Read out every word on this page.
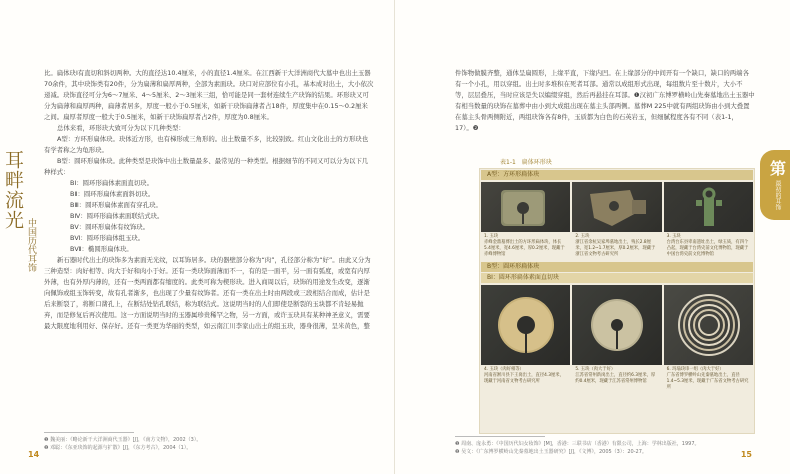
耳畔流光
中国历代耳饰

比。扁体玦Ⅰ有直切和斜切两种。大的直径达10.4厘米，小的直径1.4厘米。在江西新干大洋洲商代大墓中也出土玉器70余件，其中玦饰类有20件，分为扁薄和扁厚两种，全部为素面玦。玦口对应部位有小孔，基本成对出土，大小依次递减。玦饰直径可分为6～7厘米、4～5厘米、2～3厘米三组，恰可能是同一套材连续生产玦饰的结果。环形玦又可分为扁薄和扁厚两种，扁薄者居多，厚度一般小于0.5厘米，如新干玦饰扁薄者占18件，厚度集中在0.15～0.2厘米之间。扁厚者厚度一般大于0.5厘米，如新干玦饰扁厚者占2件，厚度为0.8厘米。

总体来看，环形玦大致可分为以下几种类型：

A型：方环形扁体玦。玦体近方形，也有梯形或三角形的。出土数量不多，比较别致。红山文化出土的方形玦也有学者称之为龟形玦。

B型：圆环形扁体玦。此种类型是玦饰中出土数量最多、最常见的一种类型。根据细节的不同又可以分为以下几种样式：

BⅠ：圆环形扁体素面直切玦。

BⅡ：圆环形扁体素面斜切玦。

BⅢ：圆环形扁体素面有穿孔玦。

BⅣ：圆环形扁体素面联结式玦。

BⅤ：圆环形扁体有纹饰玦。

BⅥ：圆环形扁体组玉玦。

BⅦ：椭圆形扁体玦。

新石器时代出土的玦饰多为素面无光纹，以耳饰居多。玦的器壁部分称为“肉”，孔径部分称为“好”。由此又分为三种造型：肉好相等、肉大于好和肉小于好。还有一类玦饰面薄而不一，有的是一面平，另一面有弧度，或宽有内厚外薄，也有外厚内薄的，还有一类两面都有缩度的。此类可称为楔形玦。进入商周以后，玦饰的用途发生改变，逐渐向佩饰或组玉饰转变，故有孔者渐多，也出现了少量有纹饰者。还有一类在出土时由两段或三段相结合而成，估计是后来断裂了，将断口凿孔上，在断结处钻孔联结，称为联结式。这说明当时的人们即使是断裂的玉块都不肯轻易抛弃，而是修复后再次使用。这一方面说明当时的玉器属珍贵稀罕之物，另一方面，或许玉玦具有某种神圣意义，需要最大限度地利用好、保存好。还有一类更为华丽的类型，如云南江川李家山出土的组玉玦，器身很薄，呈米黄色，整

❶ 魏美丽：《略论新干大洋洲商代玉器》[J]，《南方文物》，2002（3）。
❷ 邓聪：《东亚玦饰的起源与扩散》[J]，《东方考古》，2004（1）。
14
件饰物做膜齐整，通体呈扁圆形，上缘平直，下缘内凹。在上缘部分的中间开有一个缺口，缺口的两端各有一个小孔，用以穿组。出土时多堆积在死者耳部。通常以成组形式出现，每组数片至十数片，大小不等，层层叠压，当时应该是失以编缀穿组，然后再悬挂在耳部。❶汉初广东博罗横岭山先秦墓地出土玉器中有相当数量的玦饰在墓葬中由小到大成组出现在墓主头部两侧。墓葬M 225中就有两组玦饰由小到大叠置在墓主头骨两侧附近，两组玦饰各有8件，玉质都为白色的石英岩玉，但细腻程度各有不同（表1-1，17）。❷
表1-1　扁体环形玦
A型：方环形扁体玦
1. 玉玦
赤峰金鼎墓葬出土的方环形扁体玦，体长5.4厘米，宽4.6厘米，厚0.2厘米，现藏于赤峰博物馆
2. 玉玦
浙江省余杭吴家埠墓地出土，残长2.8厘米，宽1.2~1.7厘米，厚0.2厘米，现藏于浙江省文物考古研究所
3. 玉玦
台湾台东县卑南遗址出土，绿玉质，有四个凸起，现藏于台湾史前文化博物馆，现藏于中国台湾史前文化博物馆
B型：圆环形扁体玦
BⅠ：圆环形扁体素面直切玦
4. 玉玦（肉好相等）
河南省淅川县下王岗出土，直径4.3厘米，现藏于河南省文物考古研究所
5. 玉玦（肉大于好）
江苏省常州新岗出土，直径约6.3厘米，厚约0.4厘米，现藏于江苏省常州博物馆
6. 玛瑙玦串一组（肉大于好）
广东省博罗横岭山先秦墓地出土，直径1.4~5.3厘米，现藏于广东省文物考古研究所
❶ 周南、庞永勇：《中国历代妇女妆饰》[M]，香港：三联书店（香港）有限公司，上海：学林出版社，1997。
❷ 吴文：《广东博罗横岭山先秦墓地出土玉器研究》[J]，《文博》，2005（3）：20-27。
第
最初的耳饰
15
